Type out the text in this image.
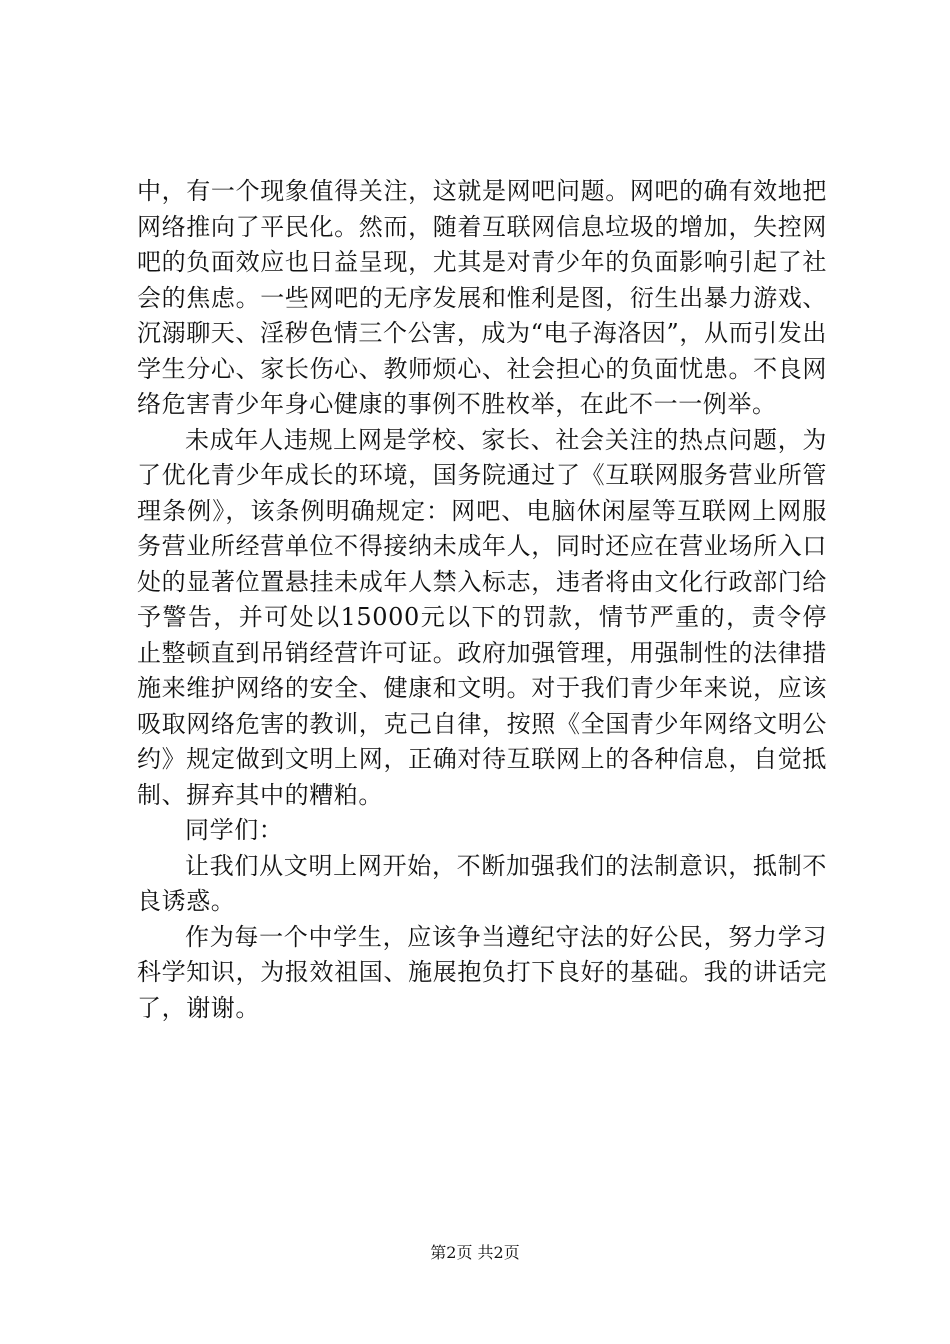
中，有一个现象值得关注，这就是网吧问题。网吧的确有效地把网络推向了平民化。然而，随着互联网信息垃圾的增加，失控网吧的负面效应也日益呈现，尤其是对青少年的负面影响引起了社会的焦虑。一些网吧的无序发展和惟利是图，衍生出暴力游戏、沉溺聊天、淫秽色情三个公害，成为“电子海洛因”，从而引发出学生分心、家长伤心、教师烦心、社会担心的负面忧患。不良网络危害青少年身心健康的事例不胜枚举，在此不一一例举。

未成年人违规上网是学校、家长、社会关注的热点问题，为了优化青少年成长的环境，国务院通过了《互联网服务营业所管理条例》，该条例明确规定：网吧、电脑休闲屋等互联网上网服务营业所经营单位不得接纳未成年人，同时还应在营业场所入口处的显著位置悬挂未成年人禁入标志，违者将由文化行政部门给予警告，并可处以15000元以下的罚款，情节严重的，责令停止整顿直到吊销经营许可证。政府加强管理，用强制性的法律措施来维护网络的安全、健康和文明。对于我们青少年来说，应该吸取网络危害的教训，克己自律，按照《全国青少年网络文明公约》规定做到文明上网，正确对待互联网上的各种信息，自觉抵制、摒弃其中的糟粕。

同学们：

让我们从文明上网开始，不断加强我们的法制意识，抵制不良诱惑。

作为每一个中学生，应该争当遵纪守法的好公民，努力学习科学知识，为报效祖国、施展抱负打下良好的基础。我的讲话完了，谢谢。

第2页 共2页
